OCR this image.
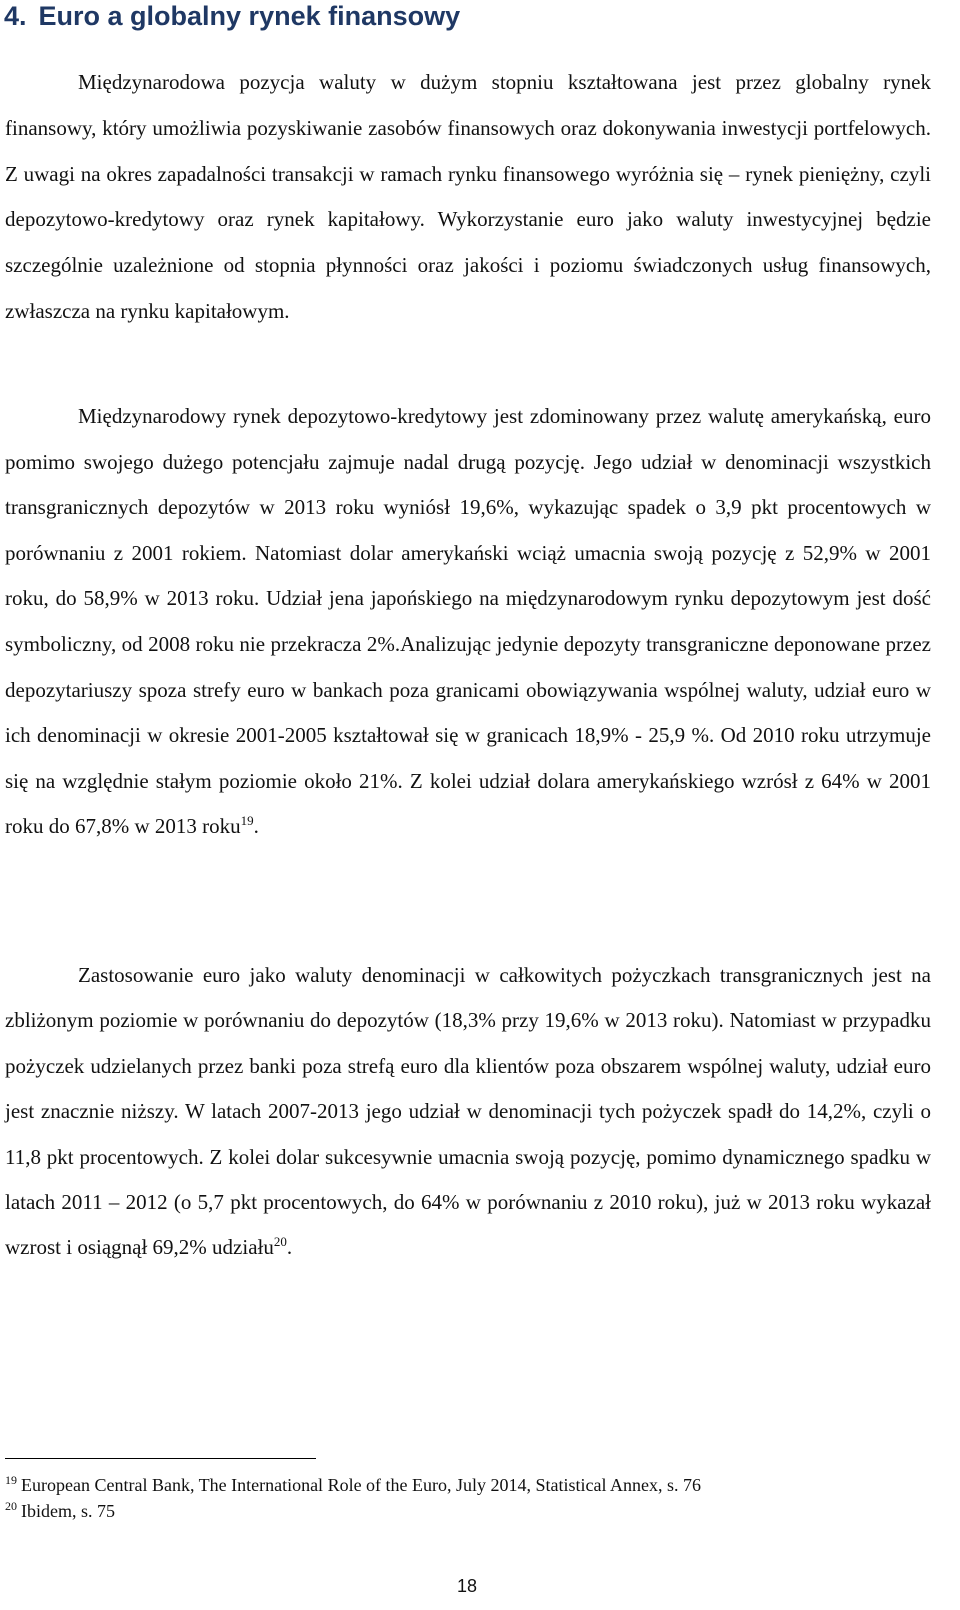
4. Euro a globalny rynek finansowy

Międzynarodowa pozycja waluty w dużym stopniu kształtowana jest przez globalny rynek finansowy, który umożliwia pozyskiwanie zasobów finansowych oraz dokonywania inwestycji portfelowych. Z uwagi na okres zapadalności transakcji w ramach rynku finansowego wyróżnia się – rynek pieniężny, czyli depozytowo-kredytowy oraz rynek kapitałowy. Wykorzystanie euro jako waluty inwestycyjnej będzie szczególnie uzależnione od stopnia płynności oraz jakości i poziomu świadczonych usług finansowych, zwłaszcza na rynku kapitałowym.

Międzynarodowy rynek depozytowo-kredytowy jest zdominowany przez walutę amerykańską, euro pomimo swojego dużego potencjału zajmuje nadal drugą pozycję. Jego udział w denominacji wszystkich transgranicznych depozytów w 2013 roku wyniósł 19,6%, wykazując spadek o 3,9 pkt procentowych w porównaniu z 2001 rokiem. Natomiast dolar amerykański wciąż umacnia swoją pozycję z 52,9% w 2001 roku, do 58,9% w 2013 roku. Udział jena japońskiego na międzynarodowym rynku depozytowym jest dość symboliczny, od 2008 roku nie przekracza 2%.Analizując jedynie depozyty transgraniczne deponowane przez depozytariuszy spoza strefy euro w bankach poza granicami obowiązywania wspólnej waluty, udział euro w ich denominacji w okresie 2001-2005 kształtował się w granicach 18,9% - 25,9 %. Od 2010 roku utrzymuje się na względnie stałym poziomie około 21%. Z kolei udział dolara amerykańskiego wzrósł z 64% w 2001 roku do 67,8% w 2013 roku$^{19}$.

Zastosowanie euro jako waluty denominacji w całkowitych pożyczkach transgranicznych jest na zbliżonym poziomie w porównaniu do depozytów (18,3% przy 19,6% w 2013 roku). Natomiast w przypadku pożyczek udzielanych przez banki poza strefą euro dla klientów poza obszarem wspólnej waluty, udział euro jest znacznie niższy. W latach 2007-2013 jego udział w denominacji tych pożyczek spadł do 14,2%, czyli o 11,8 pkt procentowych. Z kolei dolar sukcesywnie umacnia swoją pozycję, pomimo dynamicznego spadku w latach 2011 – 2012 (o 5,7 pkt procentowych, do 64% w porównaniu z 2010 roku), już w 2013 roku wykazał wzrost i osiągnął 69,2% udziału$^{20}$.

$^{19}$ European Central Bank, The International Role of the Euro, July 2014, Statistical Annex, s. 76

$^{20}$ Ibidem, s. 75

18
